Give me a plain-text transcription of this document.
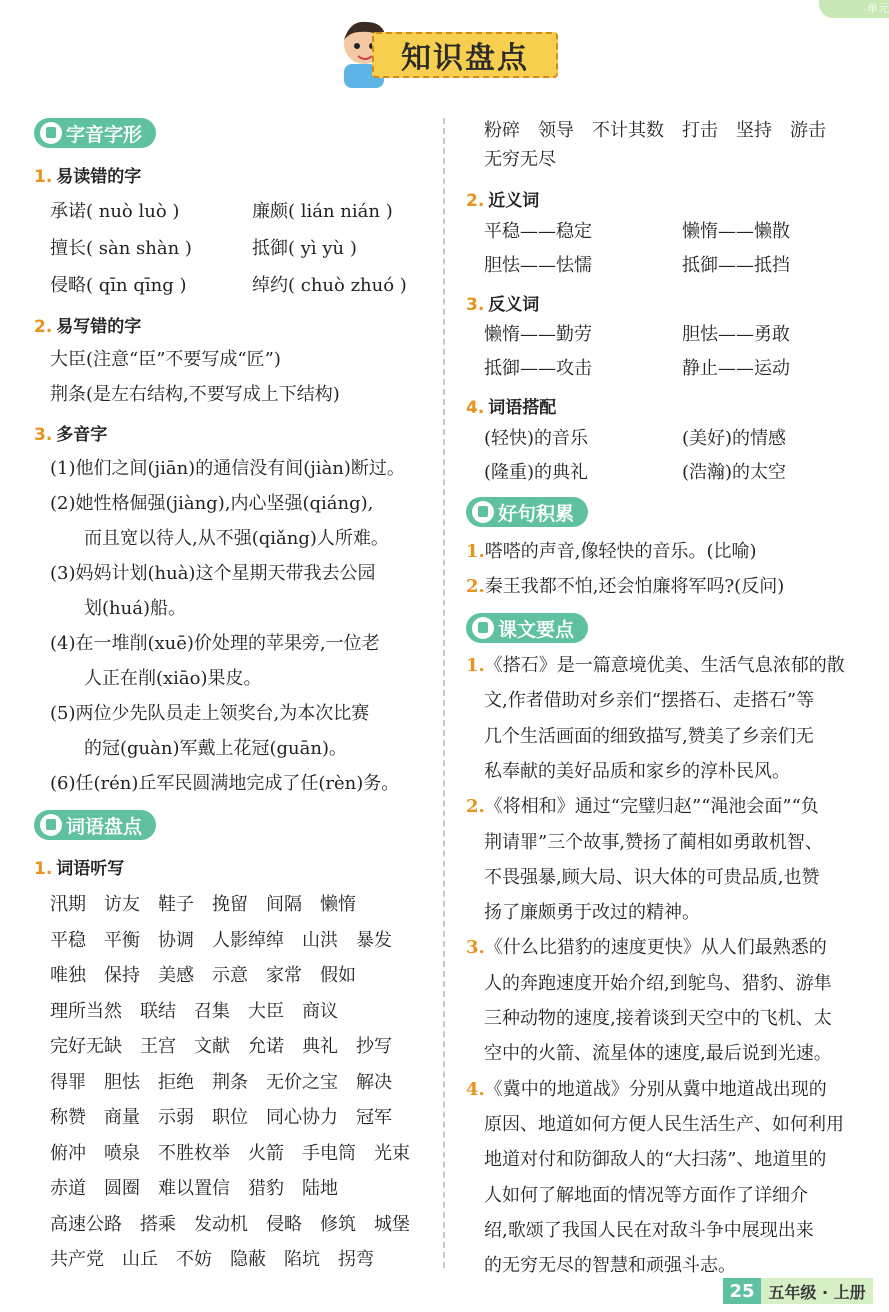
单元
知识盘点
字音字形
1. 易读错的字
承诺( nuò luò )	廉颇( lián nián )
擅长( sàn shàn )	抵御( yì yù )
侵略( qīn qīng )	绰约( chuò zhuó )
2. 易写错的字
大臣(注意“臣”不要写成“匠”)
荆条(是左右结构,不要写成上下结构)
3. 多音字
(1)他们之间(jiān)的通信没有间(jiàn)断过。
(2)她性格倔强(jiàng),内心坚强(qiáng),
而且宽以待人,从不强(qiǎng)人所难。
(3)妈妈计划(huà)这个星期天带我去公园
划(huá)船。
(4)在一堆削(xuē)价处理的苹果旁,一位老
人正在削(xiāo)果皮。
(5)两位少先队员走上领奖台,为本次比赛
的冠(guàn)军戴上花冠(guān)。
(6)任(rén)丘军民圆满地完成了任(rèn)务。
词语盘点
1. 词语听写
汛期 访友 鞋子 挽留 间隔 懒惰
平稳 平衡 协调 人影绰绰 山洪 暴发
唯独 保持 美感 示意 家常 假如
理所当然 联结 召集 大臣 商议
完好无缺 王宫 文献 允诺 典礼 抄写
得罪 胆怯 拒绝 荆条 无价之宝 解决
称赞 商量 示弱 职位 同心协力 冠军
俯冲 喷泉 不胜枚举 火箭 手电筒 光束
赤道 圆圈 难以置信 猎豹 陆地
高速公路 搭乘 发动机 侵略 修筑 城堡
共产党 山丘 不妨 隐蔽 陷坑 拐弯
粉碎 领导 不计其数 打击 坚持 游击
无穷无尽
2. 近义词
平稳——稳定	懒惰——懒散
胆怯——怯懦	抵御——抵挡
3. 反义词
懒惰——勤劳	胆怯——勇敢
抵御——攻击	静止——运动
4. 词语搭配
(轻快)的音乐	(美好)的情感
(隆重)的典礼	(浩瀚)的太空
好句积累
1.嗒嗒的声音,像轻快的音乐。(比喻)
2.秦王我都不怕,还会怕廉将军吗?(反问)
课文要点
1.《搭石》是一篇意境优美、生活气息浓郁的散
文,作者借助对乡亲们“摆搭石、走搭石”等
几个生活画面的细致描写,赞美了乡亲们无
私奉献的美好品质和家乡的淳朴民风。
2.《将相和》通过“完璧归赵”“渑池会面”“负
荆请罪”三个故事,赞扬了蔺相如勇敢机智、
不畏强暴,顾大局、识大体的可贵品质,也赞
扬了廉颇勇于改过的精神。
3.《什么比猎豹的速度更快》从人们最熟悉的
人的奔跑速度开始介绍,到鸵鸟、猎豹、游隼
三种动物的速度,接着谈到天空中的飞机、太
空中的火箭、流星体的速度,最后说到光速。
4.《冀中的地道战》分别从冀中地道战出现的
原因、地道如何方便人民生活生产、如何利用
地道对付和防御敌人的“大扫荡”、地道里的
人如何了解地面的情况等方面作了详细介
绍,歌颂了我国人民在对敌斗争中展现出来
的无穷无尽的智慧和顽强斗志。
25 五年级 · 上册
